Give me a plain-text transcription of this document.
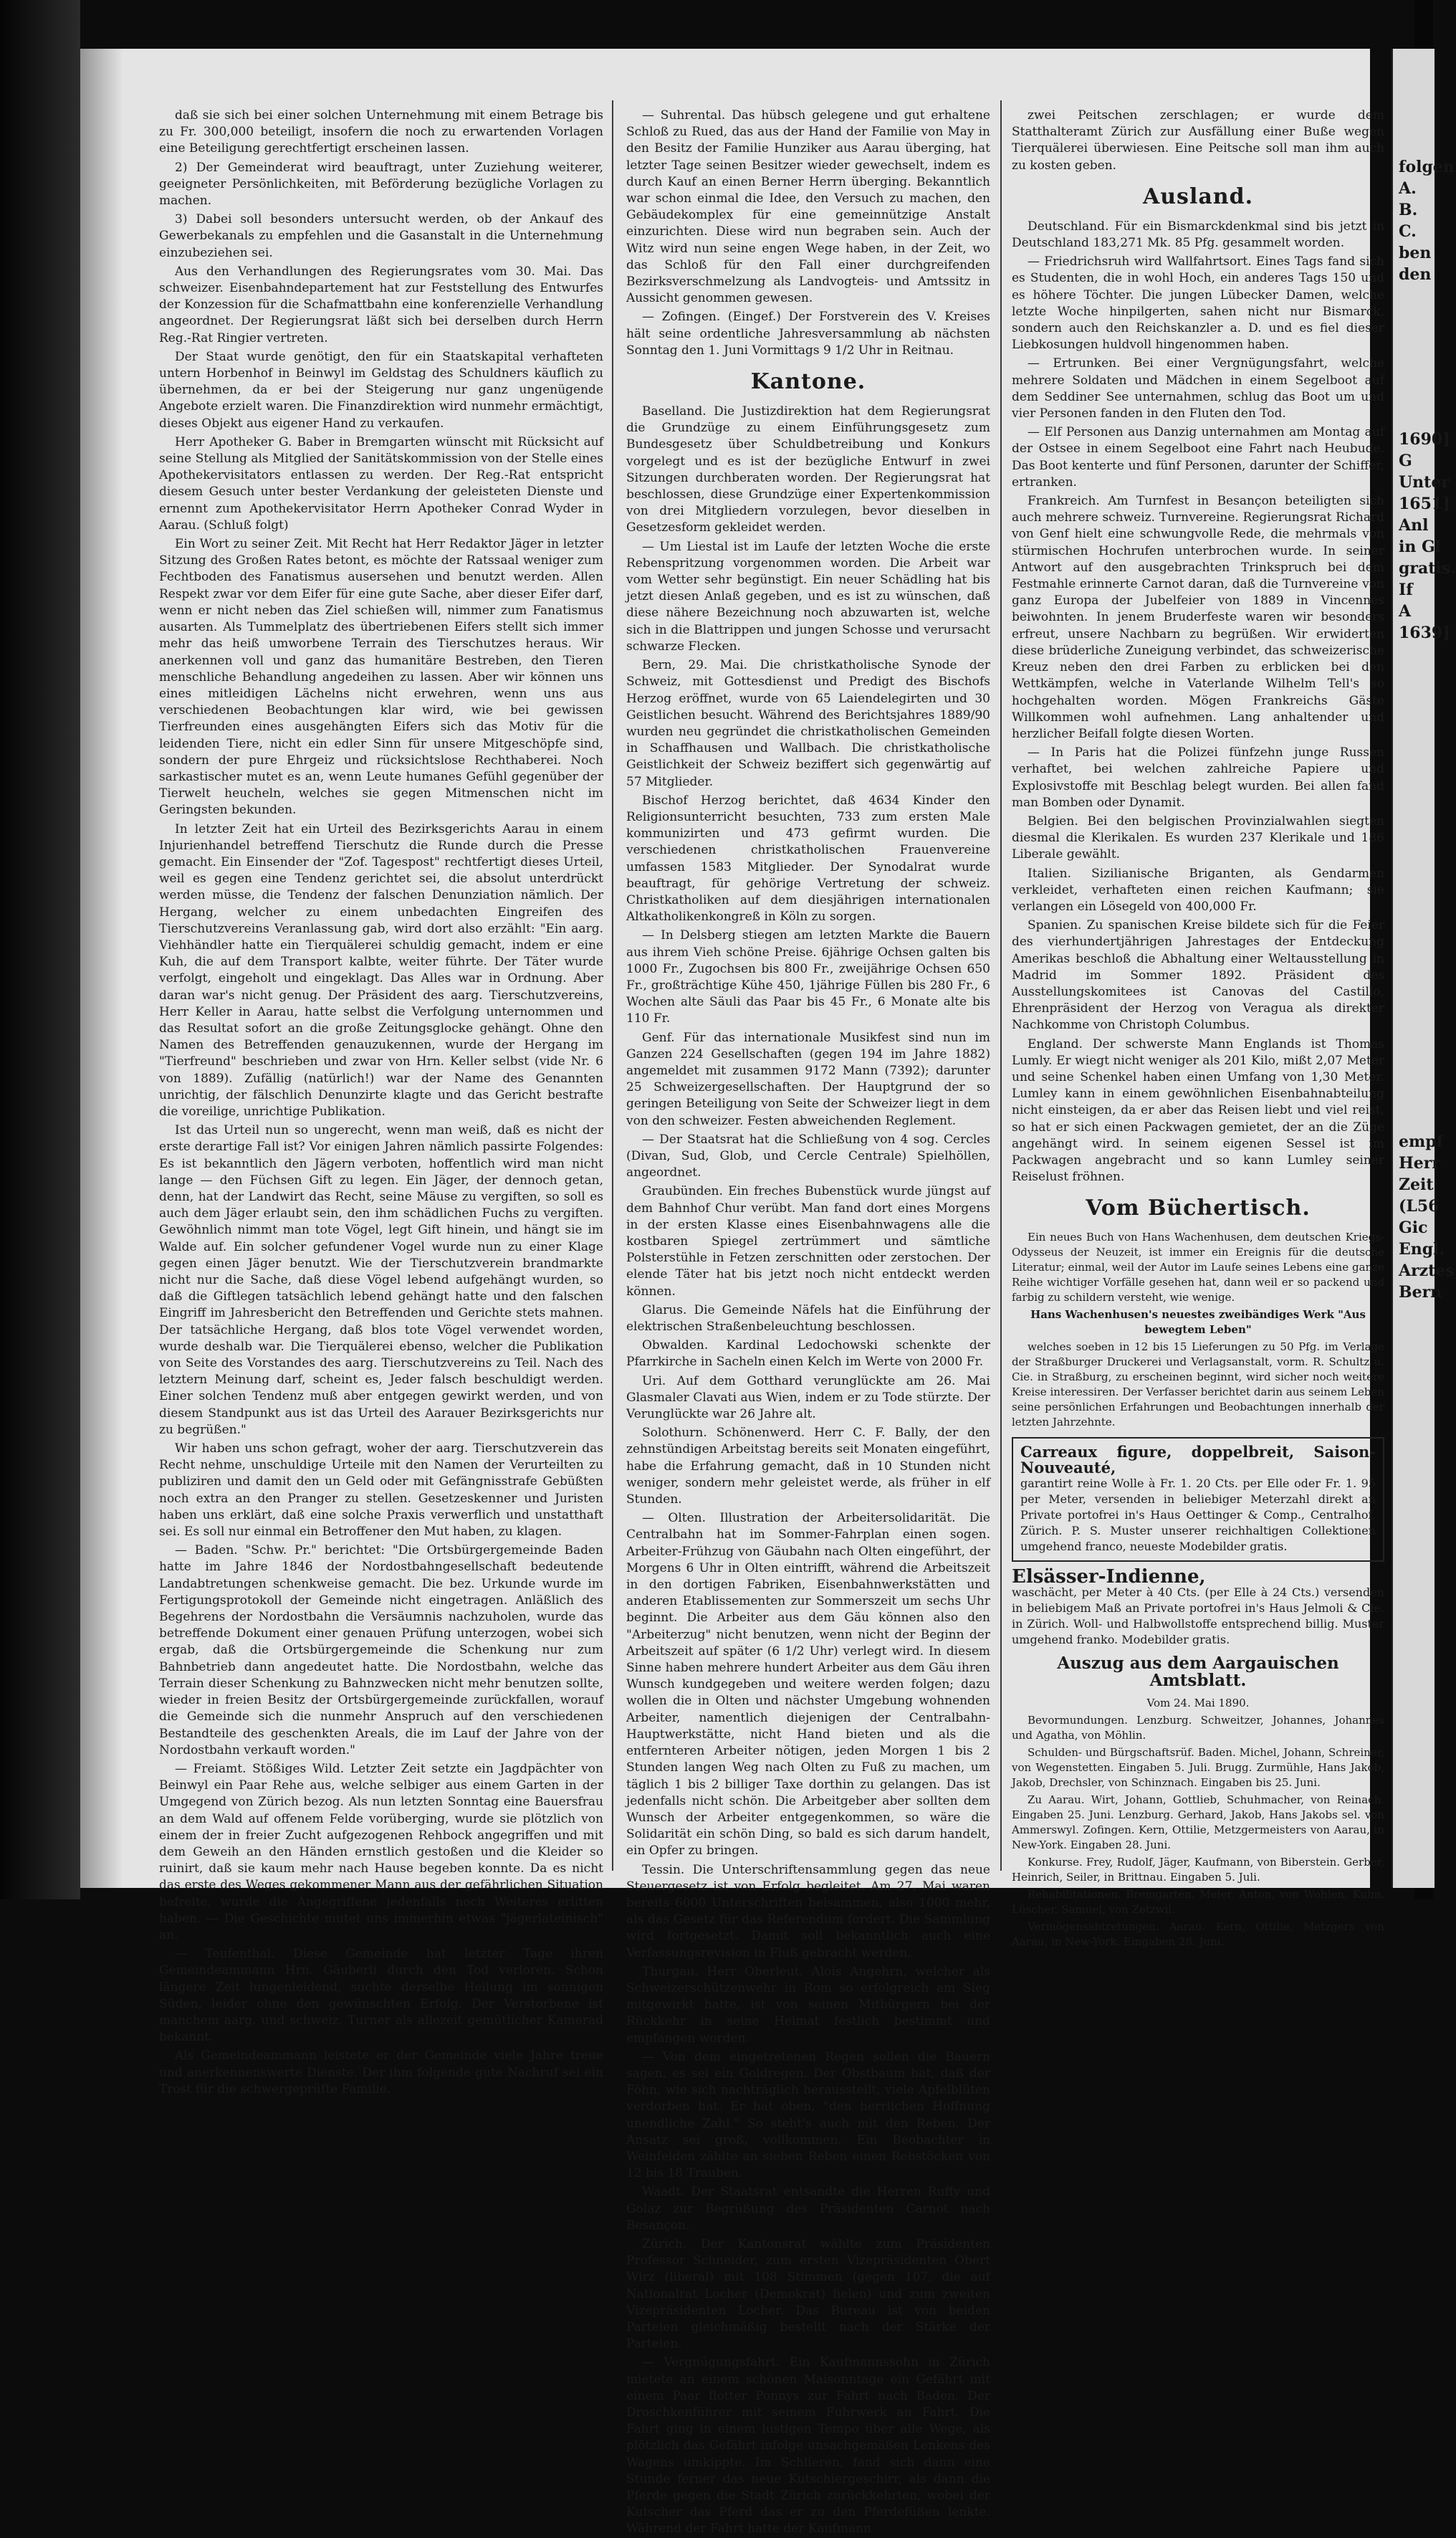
daß sie sich bei einer solchen Unternehmung mit einem Betrage bis zu Fr. 300,000 beteiligt, insofern die noch zu erwartenden Vorlagen eine Beteiligung gerechtfertigt erscheinen lassen.

2) Der Gemeinderat wird beauftragt, unter Zuziehung weiterer, geeigneter Persönlichkeiten, mit Beförderung bezügliche Vorlagen zu machen.

3) Dabei soll besonders untersucht werden, ob der Ankauf des Gewerbekanals zu empfehlen und die Gasanstalt in die Unternehmung einzubeziehen sei.

Aus den Verhandlungen des Regierungsrates vom 30. Mai. Das schweizer. Eisenbahndepartement hat zur Feststellung des Entwurfes der Konzession für die Schafmattbahn eine konferenzielle Verhandlung angeordnet. Der Regierungsrat läßt sich bei derselben durch Herrn Reg.-Rat Ringier vertreten.

Der Staat wurde genötigt, den für ein Staatskapital verhafteten untern Horbenhof in Beinwyl im Geldstag des Schuldners käuflich zu übernehmen, da er bei der Steigerung nur ganz ungenügende Angebote erzielt waren. Die Finanzdirektion wird nunmehr ermächtigt, dieses Objekt aus eigener Hand zu verkaufen.

Herr Apotheker G. Baber in Bremgarten wünscht mit Rücksicht auf seine Stellung als Mitglied der Sanitätskommission von der Stelle eines Apothekervisitators entlassen zu werden. Der Reg.-Rat entspricht diesem Gesuch unter bester Verdankung der geleisteten Dienste und ernennt zum Apothekervisitator Herrn Apotheker Conrad Wyder in Aarau. (Schluß folgt)

Ein Wort zu seiner Zeit. Mit Recht hat Herr Redaktor Jäger in letzter Sitzung des Großen Rates betont, es möchte der Ratssaal weniger zum Fechtboden des Fanatismus ausersehen und benutzt werden. Allen Respekt zwar vor dem Eifer für eine gute Sache, aber dieser Eifer darf, wenn er nicht neben das Ziel schießen will, nimmer zum Fanatismus ausarten. Als Tummelplatz des übertriebenen Eifers stellt sich immer mehr das heiß umworbene Terrain des Tierschutzes heraus. Wir anerkennen voll und ganz das humanitäre Bestreben, den Tieren menschliche Behandlung angedeihen zu lassen. Aber wir können uns eines mitleidigen Lächelns nicht erwehren, wenn uns aus verschiedenen Beobachtungen klar wird, wie bei gewissen Tierfreunden eines ausgehängten Eifers sich das Motiv für die leidenden Tiere, nicht ein edler Sinn für unsere Mitgeschöpfe sind, sondern der pure Ehrgeiz und rücksichtslose Rechthaberei. Noch sarkastischer mutet es an, wenn Leute humanes Gefühl gegenüber der Tierwelt heucheln, welches sie gegen Mitmenschen nicht im Geringsten bekunden.

In letzter Zeit hat ein Urteil des Bezirksgerichts Aarau in einem Injurienhandel betreffend Tierschutz die Runde durch die Presse gemacht. Ein Einsender der "Zof. Tagespost" rechtfertigt dieses Urteil, weil es gegen eine Tendenz gerichtet sei, die absolut unterdrückt werden müsse, die Tendenz der falschen Denunziation nämlich. Der Hergang, welcher zu einem unbedachten Eingreifen des Tierschutzvereins Veranlassung gab, wird dort also erzählt: "Ein aarg. Viehhändler hatte ein Tierquälerei schuldig gemacht, indem er eine Kuh, die auf dem Transport kalbte, weiter führte. Der Täter wurde verfolgt, eingeholt und eingeklagt. Das Alles war in Ordnung. Aber daran war's nicht genug. Der Präsident des aarg. Tierschutzvereins, Herr Keller in Aarau, hatte selbst die Verfolgung unternommen und das Resultat sofort an die große Zeitungsglocke gehängt. Ohne den Namen des Betreffenden genauzukennen, wurde der Hergang im "Tierfreund" beschrieben und zwar von Hrn. Keller selbst (vide Nr. 6 von 1889). Zufällig (natürlich!) war der Name des Genannten unrichtig, der fälschlich Denunzirte klagte und das Gericht bestrafte die voreilige, unrichtige Publikation.

Ist das Urteil nun so ungerecht, wenn man weiß, daß es nicht der erste derartige Fall ist? Vor einigen Jahren nämlich passirte Folgendes: Es ist bekanntlich den Jägern verboten, hoffentlich wird man nicht lange — den Füchsen Gift zu legen. Ein Jäger, der dennoch getan, denn, hat der Landwirt das Recht, seine Mäuse zu vergiften, so soll es auch dem Jäger erlaubt sein, den ihm schädlichen Fuchs zu vergiften. Gewöhnlich nimmt man tote Vögel, legt Gift hinein, und hängt sie im Walde auf. Ein solcher gefundener Vogel wurde nun zu einer Klage gegen einen Jäger benutzt. Wie der Tierschutzverein brandmarkte nicht nur die Sache, daß diese Vögel lebend aufgehängt wurden, so daß die Giftlegen tatsächlich lebend gehängt hatte und den falschen Eingriff im Jahresbericht den Betreffenden und Gerichte stets mahnen. Der tatsächliche Hergang, daß blos tote Vögel verwendet worden, wurde deshalb war. Die Tierquälerei ebenso, welcher die Publikation von Seite des Vorstandes des aarg. Tierschutzvereins zu Teil. Nach des letztern Meinung darf, scheint es, Jeder falsch beschuldigt werden. Einer solchen Tendenz muß aber entgegen gewirkt werden, und von diesem Standpunkt aus ist das Urteil des Aarauer Bezirksgerichts nur zu begrüßen."

Wir haben uns schon gefragt, woher der aarg. Tierschutzverein das Recht nehme, unschuldige Urteile mit den Namen der Verurteilten zu publiziren und damit den un Geld oder mit Gefängnisstrafe Gebüßten noch extra an den Pranger zu stellen. Gesetzeskenner und Juristen haben uns erklärt, daß eine solche Praxis verwerflich und unstatthaft sei. Es soll nur einmal ein Betroffener den Mut haben, zu klagen.

— Baden. "Schw. Pr." berichtet: "Die Ortsbürgergemeinde Baden hatte im Jahre 1846 der Nordostbahngesellschaft bedeutende Landabtretungen schenkweise gemacht. Die bez. Urkunde wurde im Fertigungsprotokoll der Gemeinde nicht eingetragen. Anläßlich des Begehrens der Nordostbahn die Versäumnis nachzuholen, wurde das betreffende Dokument einer genauen Prüfung unterzogen, wobei sich ergab, daß die Ortsbürgergemeinde die Schenkung nur zum Bahnbetrieb dann angedeutet hatte. Die Nordostbahn, welche das Terrain dieser Schenkung zu Bahnzwecken nicht mehr benutzen sollte, wieder in freien Besitz der Ortsbürgergemeinde zurückfallen, worauf die Gemeinde sich die nunmehr Anspruch auf den verschiedenen Bestandteile des geschenkten Areals, die im Lauf der Jahre von der Nordostbahn verkauft worden."

— Freiamt. Stößiges Wild. Letzter Zeit setzte ein Jagdpächter von Beinwyl ein Paar Rehe aus, welche selbiger aus einem Garten in der Umgegend von Zürich bezog. Als nun letzten Sonntag eine Bauersfrau an dem Wald auf offenem Felde vorüberging, wurde sie plötzlich von einem der in freier Zucht aufgezogenen Rehbock angegriffen und mit dem Geweih an den Händen ernstlich gestoßen und die Kleider so ruinirt, daß sie kaum mehr nach Hause begeben konnte. Da es nicht das erste des Weges gekommener Mann aus der gefährlichen Situation befreite, wurde die Angegriffene jedenfalls noch Weiteres erlitten haben. — Die Geschichte mutet uns immerhin etwas "jägerlateinisch" an.

— Teufenthal. Diese Gemeinde hat letzter Tage ihren Gemeindeammann Hrn. Gäuberli durch den Tod verloren. Schon längere Zeit lungenleidend, suchte derselbe Heilung im sonnigen Süden, leider ohne den gewünschten Erfolg. Der Verstorbene ist manchem aarg. und schweiz. Turner als allezeit gemütlicher Kamerad bekannt.

Als Gemeindeammann leistete er der Gemeinde viele Jahre treue und anerkennenswerte Dienste. Der ihm folgende gute Nachruf sei ein Trost für die schwergeprüfte Familie.

— Suhrental. Das hübsch gelegene und gut erhaltene Schloß zu Rued, das aus der Hand der Familie von May in den Besitz der Familie Hunziker aus Aarau überging, hat letzter Tage seinen Besitzer wieder gewechselt, indem es durch Kauf an einen Berner Herrn überging. Bekanntlich war schon einmal die Idee, den Versuch zu machen, den Gebäudekomplex für eine gemeinnützige Anstalt einzurichten. Diese wird nun begraben sein. Auch der Witz wird nun seine engen Wege haben, in der Zeit, wo das Schloß für den Fall einer durchgreifenden Bezirksverschmelzung als Landvogteis- und Amtssitz in Aussicht genommen gewesen.

— Zofingen. (Eingef.) Der Forstverein des V. Kreises hält seine ordentliche Jahresversammlung ab nächsten Sonntag den 1. Juni Vormittags 9 1/2 Uhr in Reitnau.

Kantone.

Baselland. Die Justizdirektion hat dem Regierungsrat die Grundzüge zu einem Einführungsgesetz zum Bundesgesetz über Schuldbetreibung und Konkurs vorgelegt und es ist der bezügliche Entwurf in zwei Sitzungen durchberaten worden. Der Regierungsrat hat beschlossen, diese Grundzüge einer Expertenkommission von drei Mitgliedern vorzulegen, bevor dieselben in Gesetzesform gekleidet werden.

— Um Liestal ist im Laufe der letzten Woche die erste Rebenspritzung vorgenommen worden. Die Arbeit war vom Wetter sehr begünstigt. Ein neuer Schädling hat bis jetzt diesen Anlaß gegeben, und es ist zu wünschen, daß diese nähere Bezeichnung noch abzuwarten ist, welche sich in die Blattrippen und jungen Schosse und verursacht schwarze Flecken.

Bern, 29. Mai. Die christkatholische Synode der Schweiz, mit Gottesdienst und Predigt des Bischofs Herzog eröffnet, wurde von 65 Laiendelegirten und 30 Geistlichen besucht. Während des Berichtsjahres 1889/90 wurden neu gegründet die christkatholischen Gemeinden in Schaffhausen und Wallbach. Die christkatholische Geistlichkeit der Schweiz beziffert sich gegenwärtig auf 57 Mitglieder.

Bischof Herzog berichtet, daß 4634 Kinder den Religionsunterricht besuchten, 733 zum ersten Male kommunizirten und 473 gefirmt wurden. Die verschiedenen christkatholischen Frauenvereine umfassen 1583 Mitglieder. Der Synodalrat wurde beauftragt, für gehörige Vertretung der schweiz. Christkatholiken auf dem diesjährigen internationalen Altkatholikenkongreß in Köln zu sorgen.

— In Delsberg stiegen am letzten Markte die Bauern aus ihrem Vieh schöne Preise. 6jährige Ochsen galten bis 1000 Fr., Zugochsen bis 800 Fr., zweijährige Ochsen 650 Fr., großträchtige Kühe 450, 1jährige Füllen bis 280 Fr., 6 Wochen alte Säuli das Paar bis 45 Fr., 6 Monate alte bis 110 Fr.

Genf. Für das internationale Musikfest sind nun im Ganzen 224 Gesellschaften (gegen 194 im Jahre 1882) angemeldet mit zusammen 9172 Mann (7392); darunter 25 Schweizergesellschaften. Der Hauptgrund der so geringen Beteiligung von Seite der Schweizer liegt in dem von den schweizer. Festen abweichenden Reglement.

— Der Staatsrat hat die Schließung von 4 sog. Cercles (Divan, Sud, Glob, und Cercle Centrale) Spielhöllen, angeordnet.

Graubünden. Ein freches Bubenstück wurde jüngst auf dem Bahnhof Chur verübt. Man fand dort eines Morgens in der ersten Klasse eines Eisenbahnwagens alle die kostbaren Spiegel zertrümmert und sämtliche Polsterstühle in Fetzen zerschnitten oder zerstochen. Der elende Täter hat bis jetzt noch nicht entdeckt werden können.

Glarus. Die Gemeinde Näfels hat die Einführung der elektrischen Straßenbeleuchtung beschlossen.

Obwalden. Kardinal Ledochowski schenkte der Pfarrkirche in Sacheln einen Kelch im Werte von 2000 Fr.

Uri. Auf dem Gotthard verunglückte am 26. Mai Glasmaler Clavati aus Wien, indem er zu Tode stürzte. Der Verunglückte war 26 Jahre alt.

Solothurn. Schönenwerd. Herr C. F. Bally, der den zehnstündigen Arbeitstag bereits seit Monaten eingeführt, habe die Erfahrung gemacht, daß in 10 Stunden nicht weniger, sondern mehr geleistet werde, als früher in elf Stunden.

— Olten. Illustration der Arbeitersolidarität. Die Centralbahn hat im Sommer-Fahrplan einen sogen. Arbeiter-Frühzug von Gäubahn nach Olten eingeführt, der Morgens 6 Uhr in Olten eintrifft, während die Arbeitszeit in den dortigen Fabriken, Eisenbahnwerkstätten und anderen Etablissementen zur Sommerszeit um sechs Uhr beginnt. Die Arbeiter aus dem Gäu können also den "Arbeiterzug" nicht benutzen, wenn nicht der Beginn der Arbeitszeit auf später (6 1/2 Uhr) verlegt wird. In diesem Sinne haben mehrere hundert Arbeiter aus dem Gäu ihren Wunsch kundgegeben und weitere werden folgen; dazu wollen die in Olten und nächster Umgebung wohnenden Arbeiter, namentlich diejenigen der Centralbahn-Hauptwerkstätte, nicht Hand bieten und als die entfernteren Arbeiter nötigen, jeden Morgen 1 bis 2 Stunden langen Weg nach Olten zu Fuß zu machen, um täglich 1 bis 2 billiger Taxe dorthin zu gelangen. Das ist jedenfalls nicht schön. Die Arbeitgeber aber sollten dem Wunsch der Arbeiter entgegenkommen, so wäre die Solidarität ein schön Ding, so bald es sich darum handelt, ein Opfer zu bringen.

Tessin. Die Unterschriftensammlung gegen das neue Steuergesetz ist von Erfolg begleitet. Am 27. Mai waren bereits 6000 Unterschriften beisammen, also 1000 mehr, als das Gesetz für das Referendum fordert. Die Sammlung wird fortgesetzt. Damit soll bekanntlich auch eine Verfassungsrevision in Fluß gebracht werden.

Thurgau. Herr Oberleut. Alois Angehrn, welcher als Schweizerschützenwehr in Rom so erfolgreich am Sieg mitgewirkt hatte, ist von seinen Mitbürgern bei der Rückkehr in seine Heimat festlich bestimmt und empfangen worden.

— Von dem eingetretenen Regen sollen die Bauern sagen, es sei ein Goldregen. Der Obstbaum hat, daß der Föhn, wie sich nachträglich herausstellt, viele Apfelblüten verdorben hat. Er hat oben, "den herrlichen Hoffnung unendliche Zahl." So steht's auch mit den Reben. Der Ansatz sei groß, vollkommen. Ein Beobachter in Weinfelden zählte an sieben Reben einen Rebstöcken von 12 bis 18 Trauben.

Waadt. Der Staatsrat entsandte die Herren Ruffy und Golaz zur Begrüßung des Präsidenten Carnot nach Besançon.

Zürich. Der Kantonsrat wählte zum Präsidenten Professor Schneider, zum ersten Vizepräsidenten Obert Wirz (liberal) mit 108 Stimmen (gegen 107, die auf Nationalrat Locher (Demokrat) fielen) und zum zweiten Vizepräsidenten Locher. Das Bureau ist von beiden Parteien gleichmäßig bestellt nach der Stärke der Parteien.

— Vergnügungsfahrt. Ein Kaufmannssohn in Zürich mietete an einem schönen Maisonntage ein Gefährt mit einem Paar flotter Ponnys zur Fahrt nach Baden. Der Droschkenführer mit seinem Fuhrwerk an Fahrt. Die Fahrt ging in einem lustigen Tempo über alle Wege, als plötzlich das Gefährt infolge unsachgemäßen Lenkens des Wagens umkippte. Im Schlieren, fand sich dann eine Stunde ferner das neue Kutschiergeschirr, als dann die Pferde gegen die Stadt Zürich zurückkehrten, wobei der Kutscher das Pferd das er zu den Pferdefüßen lenkte. Während der Fahrt hatte der Kaufmann

zwei Peitschen zerschlagen; er wurde dem Statthalteramt Zürich zur Ausfällung einer Buße wegen Tierquälerei überwiesen. Eine Peitsche soll man ihm auch zu kosten geben.

Ausland.

Deutschland. Für ein Bismarckdenkmal sind bis jetzt in Deutschland 183,271 Mk. 85 Pfg. gesammelt worden.

— Friedrichsruh wird Wallfahrtsort. Eines Tags fand sich es Studenten, die in wohl Hoch, ein anderes Tags 150 und es höhere Töchter. Die jungen Lübecker Damen, welche letzte Woche hinpilgerten, sahen nicht nur Bismarck, sondern auch den Reichskanzler a. D. und es fiel dieser Liebkosungen huldvoll hingenommen haben.

— Ertrunken. Bei einer Vergnügungsfahrt, welche mehrere Soldaten und Mädchen in einem Segelboot auf dem Seddiner See unternahmen, schlug das Boot um und vier Personen fanden in den Fluten den Tod.

— Elf Personen aus Danzig unternahmen am Montag auf der Ostsee in einem Segelboot eine Fahrt nach Heubude. Das Boot kenterte und fünf Personen, darunter der Schiffer, ertranken.

Frankreich. Am Turnfest in Besançon beteiligten sich auch mehrere schweiz. Turnvereine. Regierungsrat Richard von Genf hielt eine schwungvolle Rede, die mehrmals von stürmischen Hochrufen unterbrochen wurde. In seiner Antwort auf den ausgebrachten Trinkspruch bei dem Festmahle erinnerte Carnot daran, daß die Turnvereine von ganz Europa der Jubelfeier von 1889 in Vincennes beiwohnten. In jenem Bruderfeste waren wir besonders erfreut, unsere Nachbarn zu begrüßen. Wir erwiderten diese brüderliche Zuneigung verbindet, das schweizerische Kreuz neben den drei Farben zu erblicken bei den Wettkämpfen, welche in Vaterlande Wilhelm Tell's so hochgehalten worden. Mögen Frankreichs Gäste Willkommen wohl aufnehmen. Lang anhaltender und herzlicher Beifall folgte diesen Worten.

— In Paris hat die Polizei fünfzehn junge Russen verhaftet, bei welchen zahlreiche Papiere und Explosivstoffe mit Beschlag belegt wurden. Bei allen fand man Bomben oder Dynamit.

Belgien. Bei den belgischen Provinzialwahlen siegten diesmal die Klerikalen. Es wurden 237 Klerikale und 186 Liberale gewählt.

Italien. Sizilianische Briganten, als Gendarmen verkleidet, verhafteten einen reichen Kaufmann; sie verlangen ein Lösegeld von 400,000 Fr.

Spanien. Zu spanischen Kreise bildete sich für die Feier des vierhundertjährigen Jahrestages der Entdeckung Amerikas beschloß die Abhaltung einer Weltausstellung in Madrid im Sommer 1892. Präsident des Ausstellungskomitees ist Canovas del Castillo, Ehrenpräsident der Herzog von Veragua als direkter Nachkomme von Christoph Columbus.

England. Der schwerste Mann Englands ist Thomas Lumly. Er wiegt nicht weniger als 201 Kilo, mißt 2,07 Meter und seine Schenkel haben einen Umfang von 1,30 Meter. Lumley kann in einem gewöhnlichen Eisenbahnabteilung nicht einsteigen, da er aber das Reisen liebt und viel reist, so hat er sich einen Packwagen gemietet, der an die Züge angehängt wird. In seinem eigenen Sessel ist im Packwagen angebracht und so kann Lumley seiner Reiselust fröhnen.

Vom Büchertisch.

Ein neues Buch von Hans Wachenhusen, dem deutschen Kriegs-Odysseus der Neuzeit, ist immer ein Ereignis für die deutsche Literatur; einmal, weil der Autor im Laufe seines Lebens eine ganze Reihe wichtiger Vorfälle gesehen hat, dann weil er so packend und farbig zu schildern versteht, wie wenige.

Hans Wachenhusen's neuestes zweibändiges Werk "Aus bewegtem Leben"

welches soeben in 12 bis 15 Lieferungen zu 50 Pfg. im Verlage der Straßburger Druckerei und Verlagsanstalt, vorm. R. Schultz u. Cie. in Straßburg, zu erscheinen beginnt, wird sicher noch weitere Kreise interessiren. Der Verfasser berichtet darin aus seinem Leben seine persönlichen Erfahrungen und Beobachtungen innerhalb der letzten Jahrzehnte.

Carreaux figure, doppelbreit, Saison-Nouveauté,
garantirt reine Wolle à Fr. 1. 20 Cts. per Elle oder Fr. 1. 95 per Meter, versenden in beliebiger Meterzahl direkt an Private portofrei in's Haus Oettinger & Comp., Centralhof, Zürich. P. S. Muster unserer reichhaltigen Collektionen umgehend franco, neueste Modebilder gratis.
Elsässer-Indienne,
waschächt, per Meter à 40 Cts. (per Elle à 24 Cts.) versenden in beliebigem Maß an Private portofrei in's Haus Jelmoli & Cie. in Zürich. Woll- und Halbwollstoffe entsprechend billig. Muster umgehend franko. Modebilder gratis.
Auszug aus dem Aargauischen Amtsblatt.

Vom 24. Mai 1890.

Bevormundungen. Lenzburg. Schweitzer, Johannes, Johannes und Agatha, von Möhlin.

Schulden- und Bürgschaftsrüf. Baden. Michel, Johann, Schreiner, von Wegenstetten. Eingaben 5. Juli. Brugg. Zurmühle, Hans Jakob, Jakob, Drechsler, von Schinznach. Eingaben bis 25. Juni.

Zu Aarau. Wirt, Johann, Gottlieb, Schuhmacher, von Reinach. Eingaben 25. Juni. Lenzburg. Gerhard, Jakob, Hans Jakobs sel. von Ammerswyl. Zofingen. Kern, Ottilie, Metzgermeisters von Aarau, in New-York. Eingaben 28. Juni.

Konkurse. Frey, Rudolf, Jäger, Kaufmann, von Biberstein. Gerber, Heinrich, Seiler, in Brittnau. Eingaben 5. Juli.

Rehabilitationen. Bremgarten. Meier, Anton, von Wohlen. Kulm. Lüscher, Samuel, von Zetzwil.

Vermögensabtretungen. Aarau. Kern, Ottilie, Metzgers von Aarau, in New-York. Eingaben 28. Juni.

folgen
A.
B.
C.
ben
den
1690]
G
Unter
1651]
Anl
in Gl
gratis.
If
A
1639]
empf
Herr
Zeit
(L56
Gic
Engl.
Arztes
Bern
